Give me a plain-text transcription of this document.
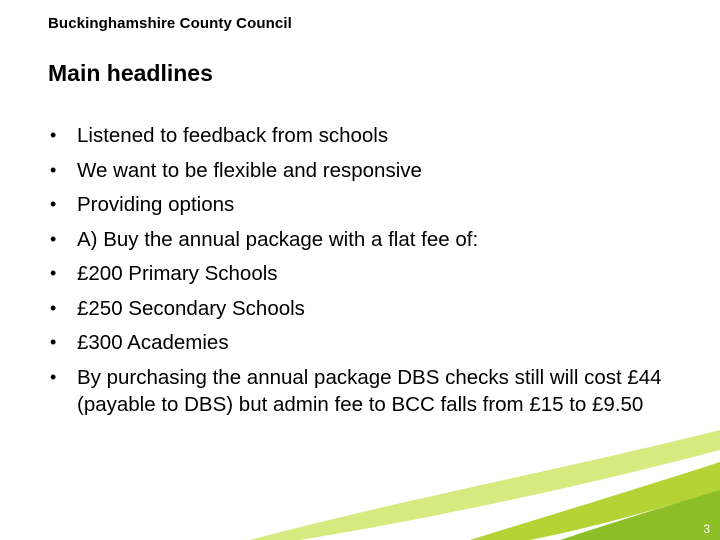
Buckinghamshire County Council
Main headlines
• Listened to feedback from schools
• We want to be flexible and responsive
• Providing options
• A) Buy the annual package with a flat fee of:
• £200 Primary Schools
• £250 Secondary Schools
• £300 Academies
• By purchasing the annual package DBS checks still will cost £44 (payable to DBS) but admin fee to BCC falls from £15 to £9.50
3
